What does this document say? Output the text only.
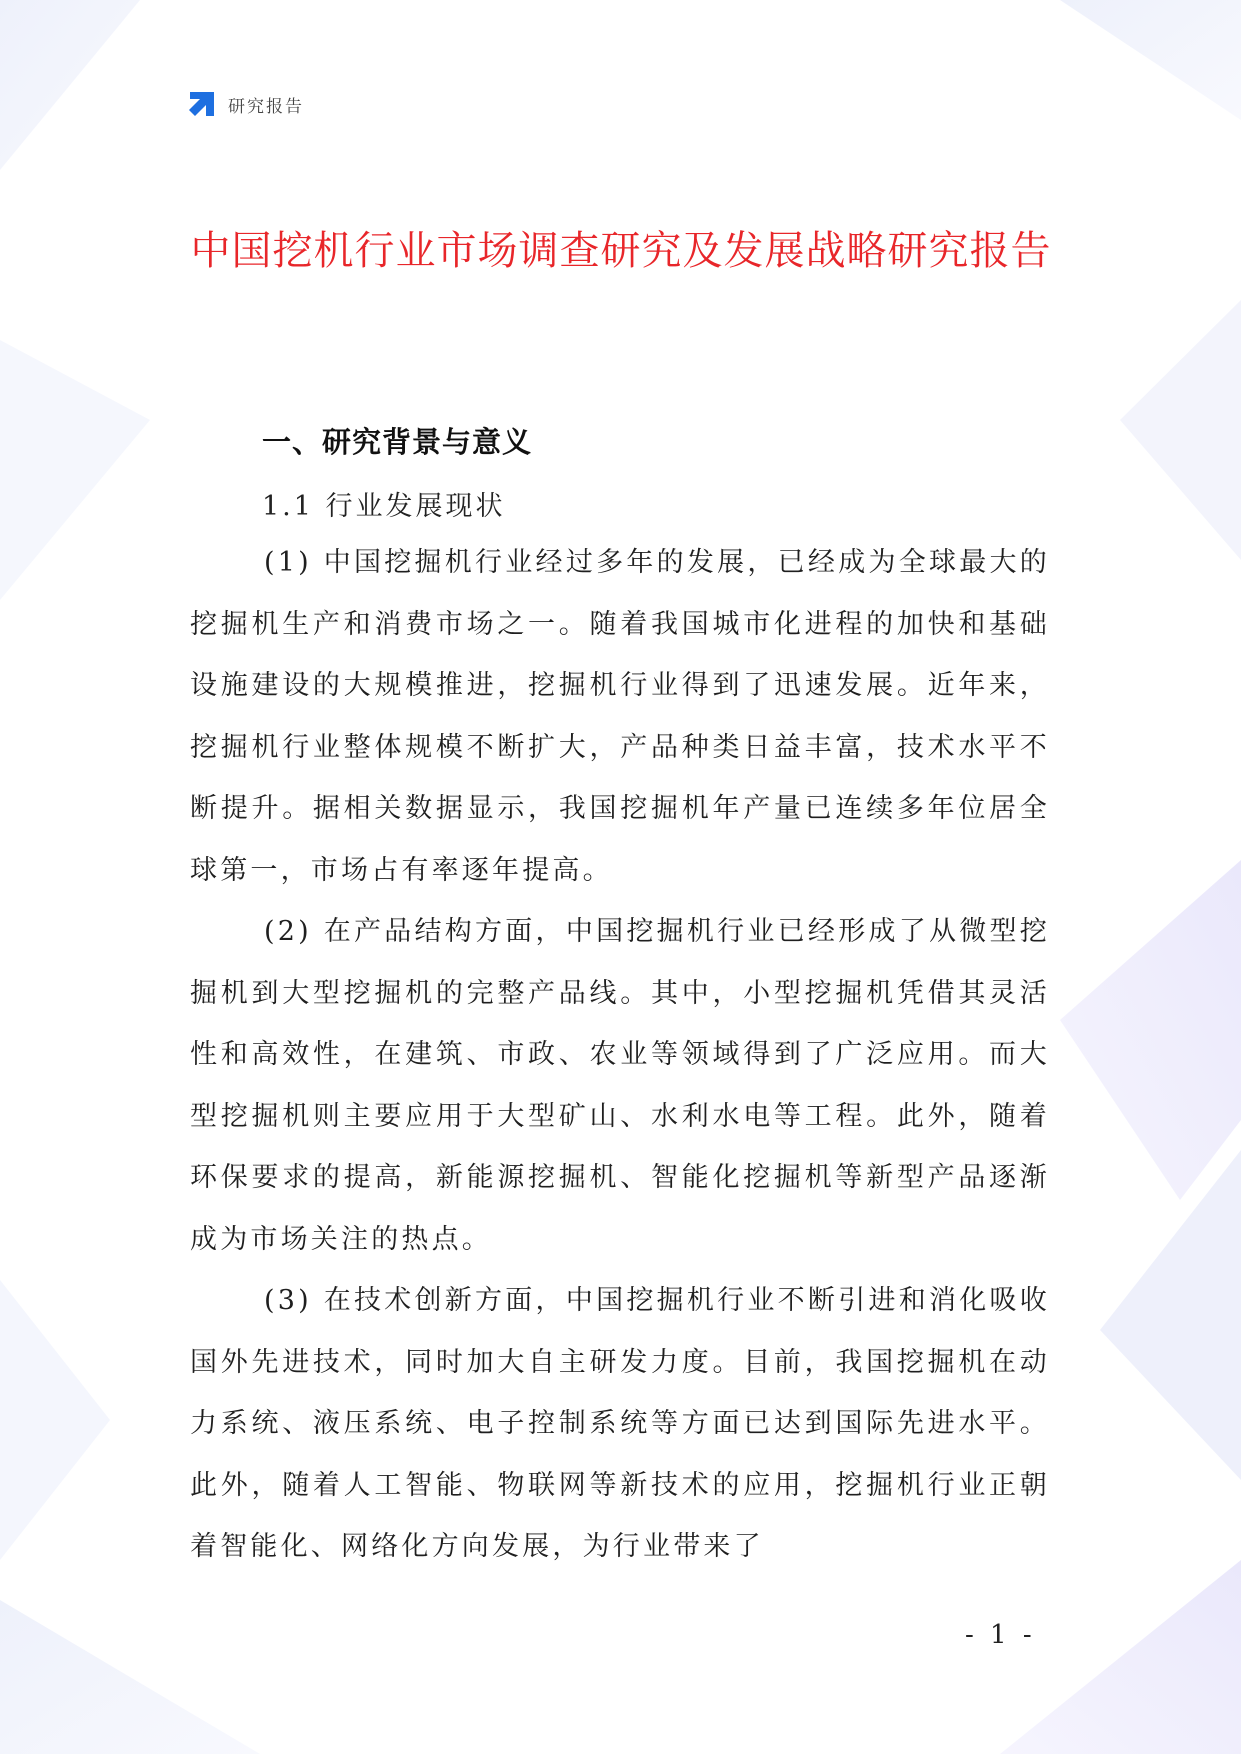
研究报告
中国挖机行业市场调查研究及发展战略研究报告
一、研究背景与意义
1.1 行业发展现状

(1) 中国挖掘机行业经过多年的发展，已经成为全球最大的挖掘机生产和消费市场之一。随着我国城市化进程的加快和基础设施建设的大规模推进，挖掘机行业得到了迅速发展。近年来，挖掘机行业整体规模不断扩大，产品种类日益丰富，技术水平不断提升。据相关数据显示，我国挖掘机年产量已连续多年位居全球第一，市场占有率逐年提高。

(2) 在产品结构方面，中国挖掘机行业已经形成了从微型挖掘机到大型挖掘机的完整产品线。其中，小型挖掘机凭借其灵活性和高效性，在建筑、市政、农业等领域得到了广泛应用。而大型挖掘机则主要应用于大型矿山、水利水电等工程。此外，随着环保要求的提高，新能源挖掘机、智能化挖掘机等新型产品逐渐成为市场关注的热点。

(3) 在技术创新方面，中国挖掘机行业不断引进和消化吸收国外先进技术，同时加大自主研发力度。目前，我国挖掘机在动力系统、液压系统、电子控制系统等方面已达到国际先进水平。此外，随着人工智能、物联网等新技术的应用，挖掘机行业正朝着智能化、网络化方向发展，为行业带来了

- 1 -
